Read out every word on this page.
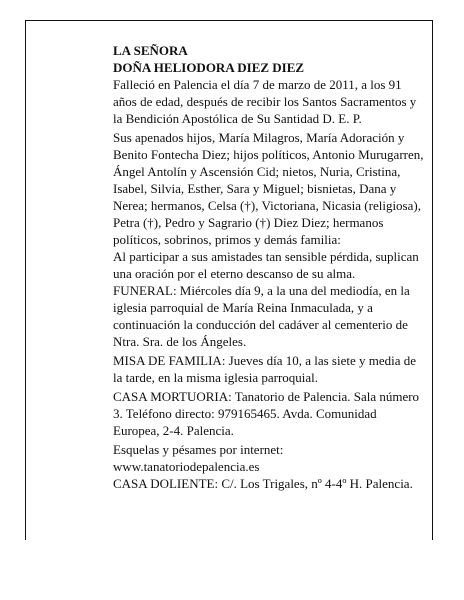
LA SEÑORA

DOÑA HELIODORA DIEZ DIEZ

Falleció en Palencia el día 7 de marzo de 2011, a los 91 años de edad, después de recibir los Santos Sacramentos y la Bendición Apostólica de Su Santidad D. E. P.

Sus apenados hijos, María Milagros, María Adoración y Benito Fontecha Diez; hijos políticos, Antonio Murugarren, Ángel Antolín y Ascensión Cid; nietos, Nuria, Cristina, Isabel, Silvia, Esther, Sara y Miguel; bisnietas, Dana y Nerea; hermanos, Celsa (†), Victoriana, Nicasia (religiosa), Petra (†), Pedro y Sagrario (†) Diez Diez; hermanos políticos, sobrinos, primos y demás familia:

Al participar a sus amistades tan sensible pérdida, suplican una oración por el eterno descanso de su alma.

FUNERAL: Miércoles día 9, a la una del mediodía, en la iglesia parroquial de María Reina Inmaculada, y a continuación la conducción del cadáver al cementerio de Ntra. Sra. de los Ángeles.

MISA DE FAMILIA: Jueves día 10, a las siete y media de la tarde, en la misma iglesia parroquial.

CASA MORTUORIA: Tanatorio de Palencia. Sala número 3. Teléfono directo: 979165465. Avda. Comunidad Europea, 2-4. Palencia.

Esquelas y pésames por internet: www.tanatoriodepalencia.es

CASA DOLIENTE: C/. Los Trigales, nº 4-4º H. Palencia.
